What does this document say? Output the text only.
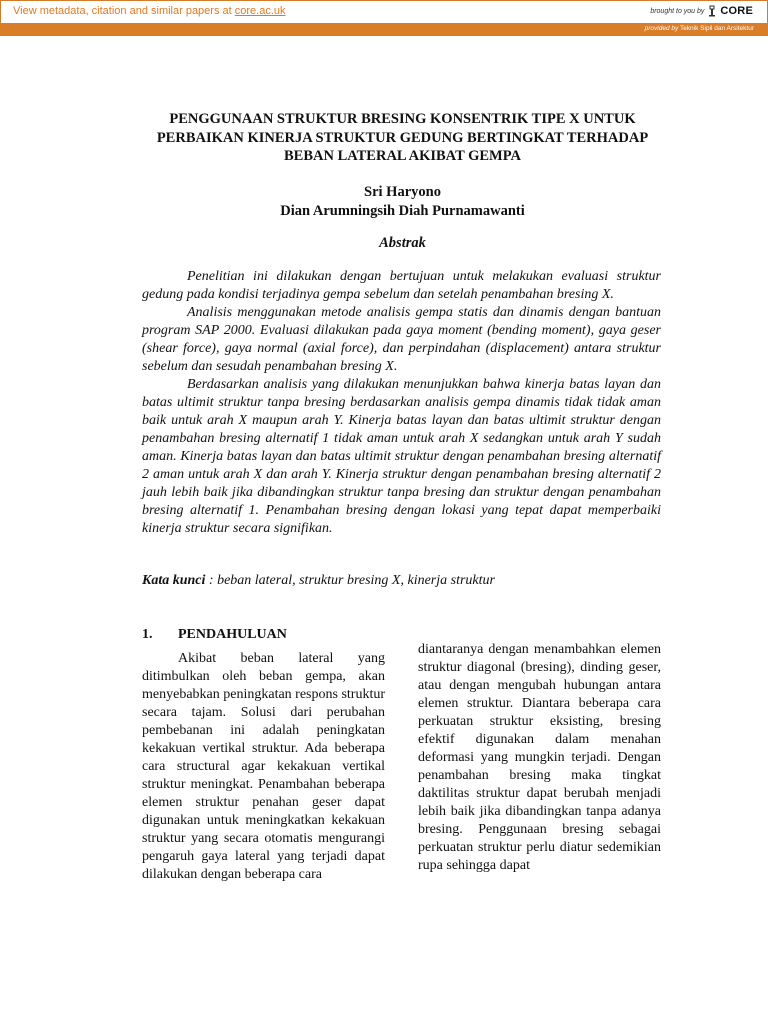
View metadata, citation and similar papers at core.ac.uk	brought to you by CORE
provided by Teknik Sipil dan Arsitektur
PENGGUNAAN STRUKTUR BRESING KONSENTRIK TIPE X UNTUK
PERBAIKAN KINERJA STRUKTUR GEDUNG BERTINGKAT TERHADAP
BEBAN LATERAL AKIBAT GEMPA
Sri Haryono
Dian Arumningsih Diah Purnamawanti
Abstrak

Penelitian ini dilakukan dengan bertujuan untuk melakukan evaluasi struktur gedung pada kondisi terjadinya gempa sebelum dan setelah penambahan bresing X.

Analisis menggunakan metode analisis gempa statis dan dinamis dengan bantuan program SAP 2000. Evaluasi dilakukan pada gaya moment (bending moment), gaya geser (shear force), gaya normal (axial force), dan perpindahan (displacement) antara struktur sebelum dan sesudah penambahan bresing X.

Berdasarkan analisis yang dilakukan menunjukkan bahwa kinerja batas layan dan batas ultimit struktur tanpa bresing berdasarkan analisis gempa dinamis tidak tidak aman baik untuk arah X maupun arah Y. Kinerja batas layan dan batas ultimit struktur dengan penambahan bresing alternatif 1 tidak aman untuk arah X sedangkan untuk arah Y sudah aman. Kinerja batas layan dan batas ultimit struktur dengan penambahan bresing alternatif 2 aman untuk arah X dan arah Y. Kinerja struktur dengan penambahan bresing alternatif 2 jauh lebih baik jika dibandingkan struktur tanpa bresing dan struktur dengan penambahan bresing alternatif 1. Penambahan bresing dengan lokasi yang tepat dapat memperbaiki kinerja struktur secara signifikan.

Kata kunci : beban lateral, struktur bresing X, kinerja struktur
1.	PENDAHULUAN

Akibat beban lateral yang ditimbulkan oleh beban gempa, akan menyebabkan peningkatan respons struktur secara tajam. Solusi dari perubahan pembebanan ini adalah peningkatan kekakuan vertikal struktur. Ada beberapa cara structural agar kekakuan vertikal struktur meningkat. Penambahan beberapa elemen struktur penahan geser dapat digunakan untuk meningkatkan kekakuan struktur yang secara otomatis mengurangi pengaruh gaya lateral yang terjadi dapat dilakukan dengan beberapa cara

diantaranya dengan menambahkan elemen struktur diagonal (bresing), dinding geser, atau dengan mengubah hubungan antara elemen struktur. Diantara beberapa cara perkuatan struktur eksisting, bresing efektif digunakan dalam menahan deformasi yang mungkin terjadi. Dengan penambahan bresing maka tingkat daktilitas struktur dapat berubah menjadi lebih baik jika dibandingkan tanpa adanya bresing. Penggunaan bresing sebagai perkuatan struktur perlu diatur sedemikian rupa sehingga dapat
